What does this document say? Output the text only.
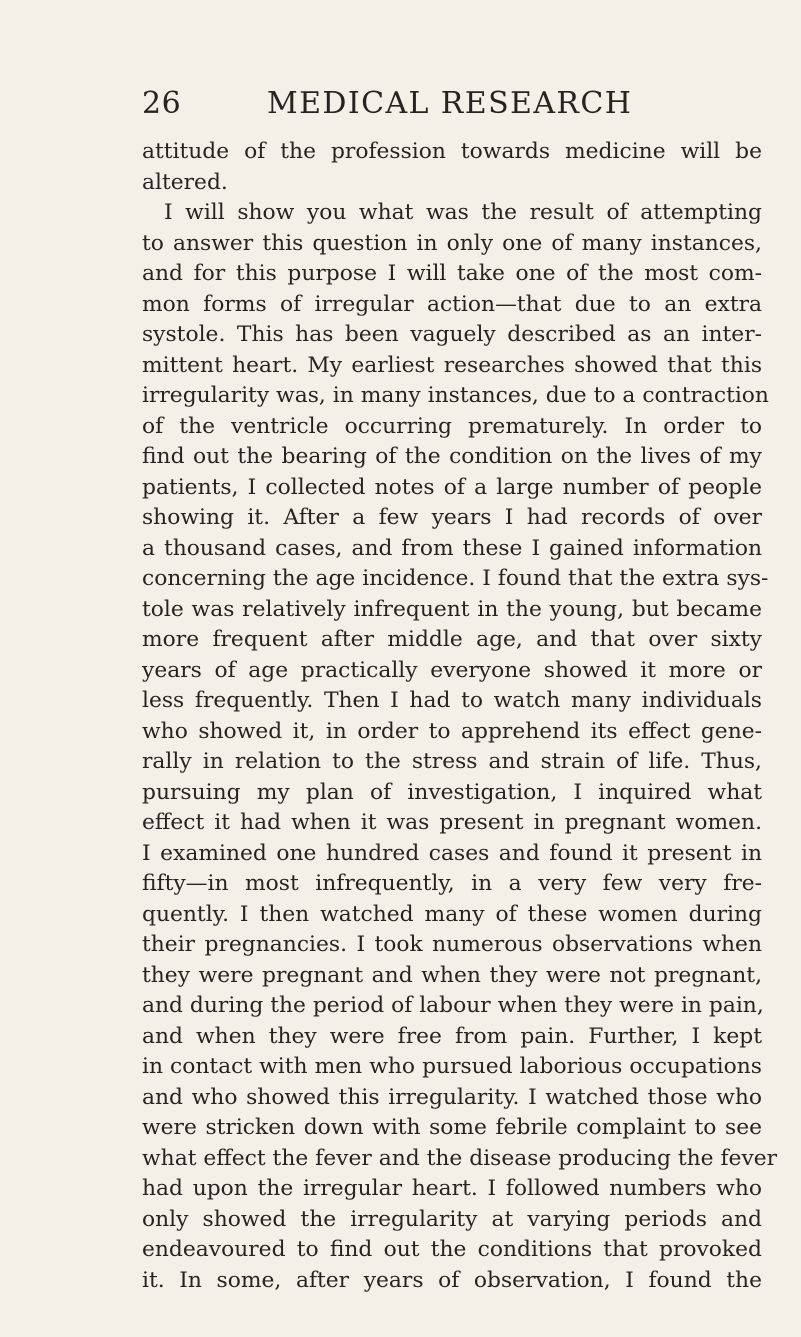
26	MEDICAL RESEARCH
attitude of the profession towards medicine will be
altered.
I will show you what was the result of attempting
to answer this question in only one of many instances,
and for this purpose I will take one of the most com-
mon forms of irregular action—that due to an extra
systole. This has been vaguely described as an inter-
mittent heart. My earliest researches showed that this
irregularity was, in many instances, due to a contraction
of the ventricle occurring prematurely. In order to
find out the bearing of the condition on the lives of my
patients, I collected notes of a large number of people
showing it. After a few years I had records of over
a thousand cases, and from these I gained information
concerning the age incidence. I found that the extra sys-
tole was relatively infrequent in the young, but became
more frequent after middle age, and that over sixty
years of age practically everyone showed it more or
less frequently. Then I had to watch many individuals
who showed it, in order to apprehend its effect gene-
rally in relation to the stress and strain of life. Thus,
pursuing my plan of investigation, I inquired what
effect it had when it was present in pregnant women.
I examined one hundred cases and found it present in
fifty—in most infrequently, in a very few very fre-
quently. I then watched many of these women during
their pregnancies. I took numerous observations when
they were pregnant and when they were not pregnant,
and during the period of labour when they were in pain,
and when they were free from pain. Further, I kept
in contact with men who pursued laborious occupations
and who showed this irregularity. I watched those who
were stricken down with some febrile complaint to see
what effect the fever and the disease producing the fever
had upon the irregular heart. I followed numbers who
only showed the irregularity at varying periods and
endeavoured to find out the conditions that provoked
it. In some, after years of observation, I found the
